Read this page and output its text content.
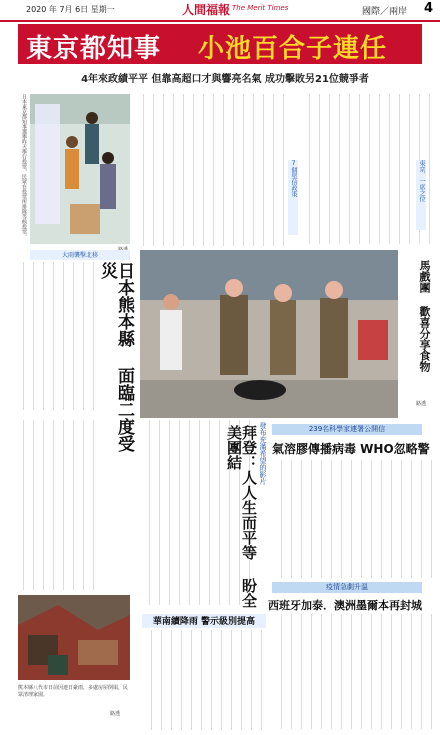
2020 年 7月 6日 星期一	人間福報 The Merit Times	國際／兩岸 4
東京都知事 小池百合子連任
4年來政績平平 但靠高超口才與響亮名氣 成功擊敗另21位競爭者
日本東京都知事選舉昨天舉行投票，民眾在投票所排隊等候投票。	7個堅信政策	東京．一席之位
大雨襲擊北移
日本熊本縣 面臨二度受災
熊本縣八代市日前因連日豪雨，多處房屋倒塌，民眾清理家園。
路透
馬戲團 歡喜分享食物
路透
發布充滿希望的影片
拜登：人人生而平等 盼全美團結	239名科學家連署公開信
氣溶膠傳播病毒 WHO忽略警
疫情急劇升溫
西班牙加泰．澳洲墨爾本再封城
華南續降雨 警示級別提高
